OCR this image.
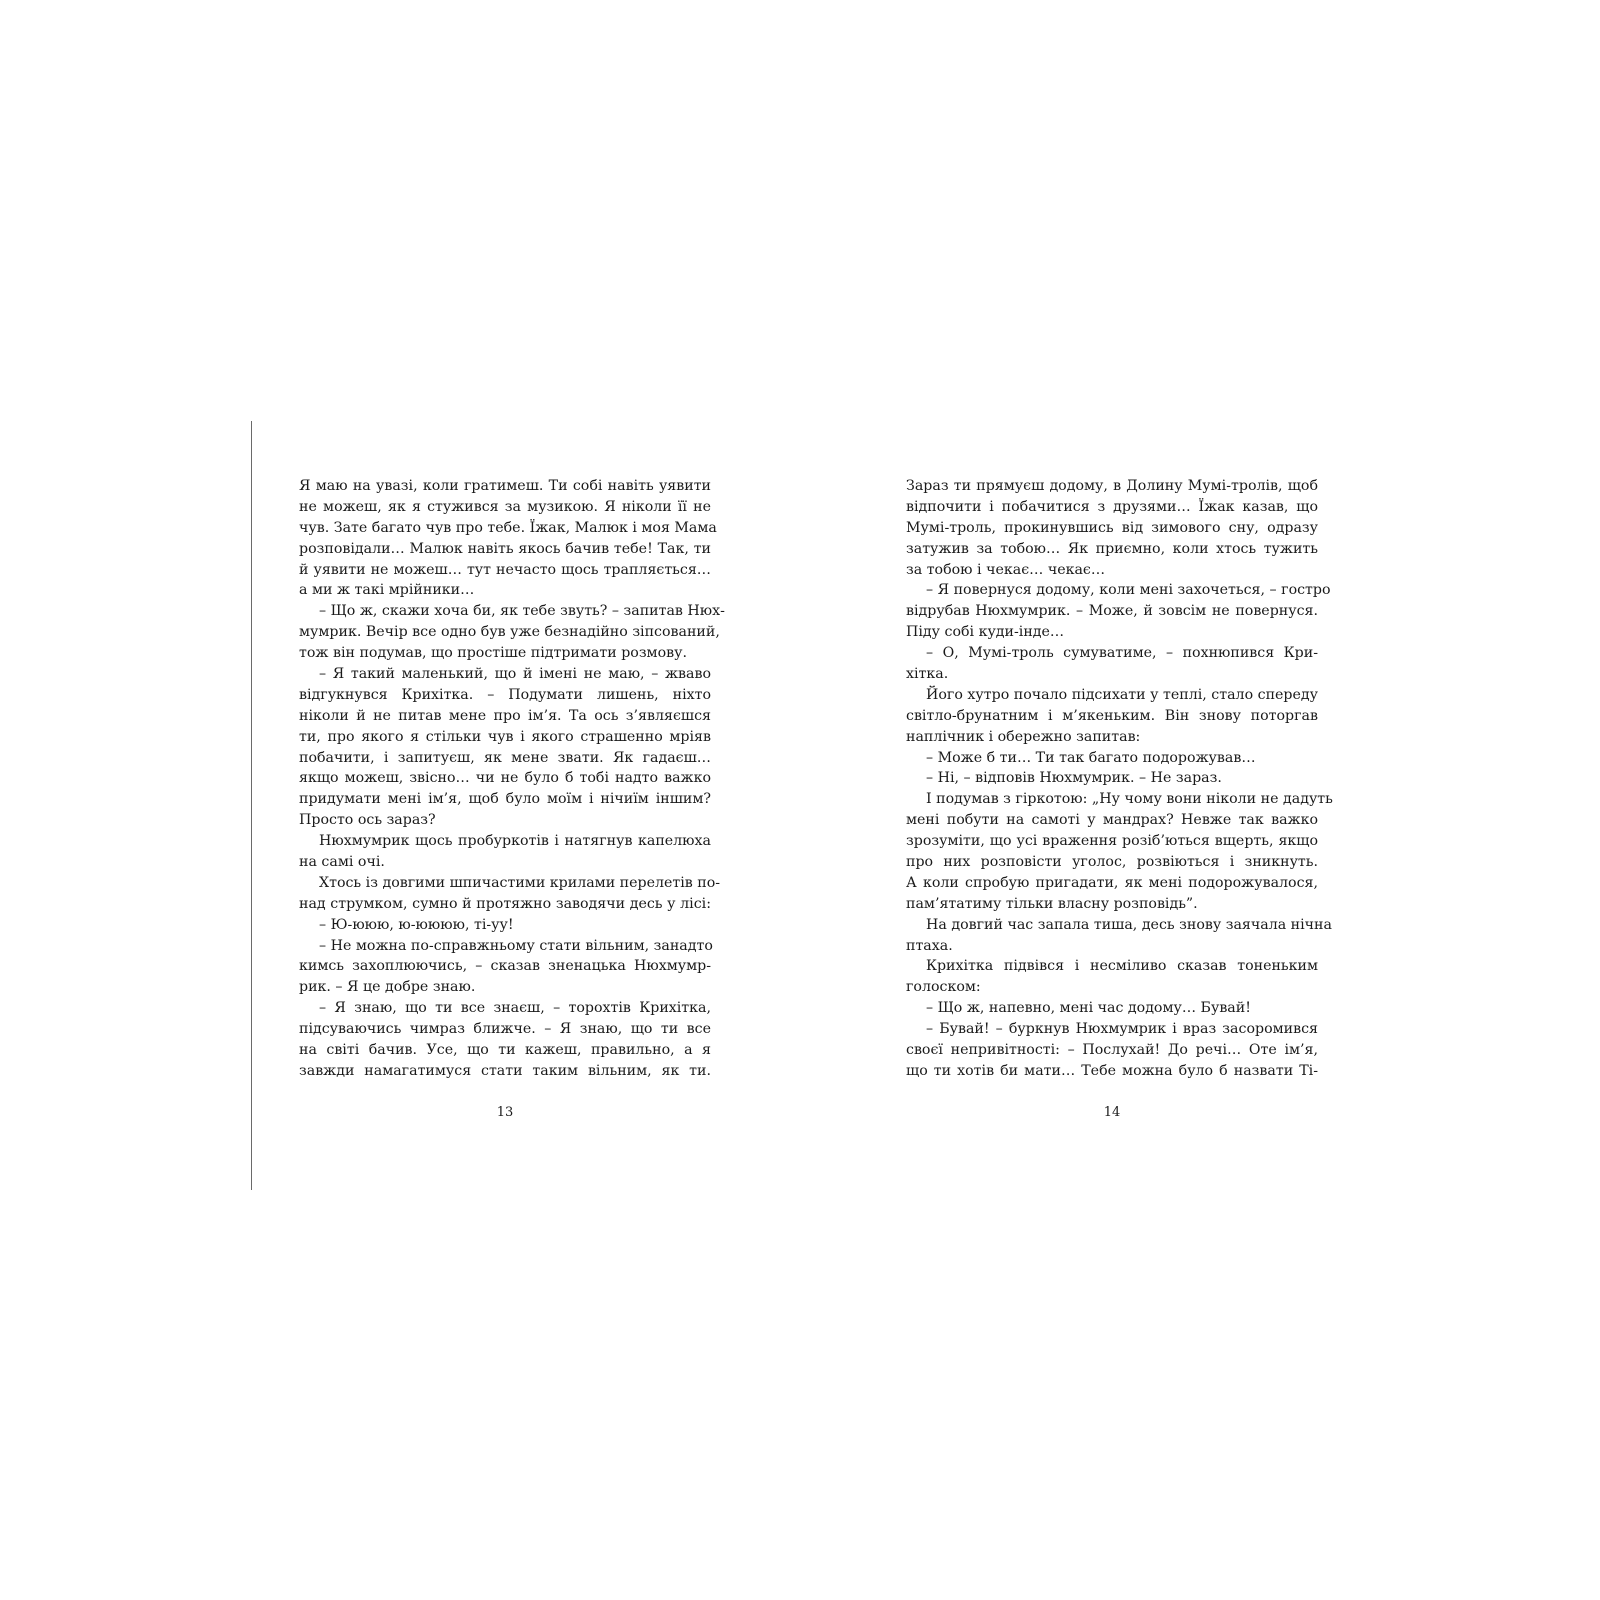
Я маю на увазі, коли гратимеш. Ти собі навіть уявити
не можеш, як я стужився за музикою. Я ніколи її не
чув. Зате багато чув про тебе. Їжак, Малюк і моя Мама
розповідали… Малюк навіть якось бачив тебе! Так, ти
й уявити не можеш… тут нечасто щось трапляється…
а ми ж такі мрійники…
– Що ж, скажи хоча би, як тебе звуть? – запитав Нюх-
мумрик. Вечір все одно був уже безнадійно зіпсований,
тож він подумав, що простіше підтримати розмову.
– Я такий маленький, що й імені не маю, – жваво
відгукнувся Крихітка. – Подумати лишень, ніхто
ніколи й не питав мене про ім’я. Та ось з’являєшся
ти, про якого я стільки чув і якого страшенно мріяв
побачити, і запитуєш, як мене звати. Як гадаєш…
якщо можеш, звісно… чи не було б тобі надто важко
придумати мені ім’я, щоб було моїм і нічиїм іншим?
Просто ось зараз?
Нюхмумрик щось пробуркотів і натягнув капелюха
на самі очі.
Хтось із довгими шпичастими крилами перелетів по-
над струмком, сумно й протяжно заводячи десь у лісі:
– Ю-ююю, ю-юююю, ті-уу!
– Не можна по-справжньому стати вільним, занадто
кимсь захоплюючись, – сказав зненацька Нюхмумр-
рик. – Я це добре знаю.
– Я знаю, що ти все знаєш, – торохтів Крихітка,
підсуваючись чимраз ближче. – Я знаю, що ти все
на світі бачив. Усе, що ти кажеш, правильно, а я
завжди намагатимуся стати таким вільним, як ти.
13
Зараз ти прямуєш додому, в Долину Мумі-тролів, щоб
відпочити і побачитися з друзями… Їжак казав, що
Мумі-троль, прокинувшись від зимового сну, одразу
затужив за тобою… Як приємно, коли хтось тужить
за тобою і чекає… чекає…
– Я повернуся додому, коли мені захочеться, – гостро
відрубав Нюхмумрик. – Може, й зовсім не повернуся.
Піду собі куди-інде…
– О, Мумі-троль сумуватиме, – похнюпився Кри-
хітка.
Його хутро почало підсихати у теплі, стало спереду
світло-брунатним і м’якеньким. Він знову поторгав
наплічник і обережно запитав:
– Може б ти… Ти так багато подорожував…
– Ні, – відповів Нюхмумрик. – Не зараз.
І подумав з гіркотою: „Ну чому вони ніколи не дадуть
мені побути на самоті у мандрах? Невже так важко
зрозуміти, що усі враження розіб’ються вщерть, якщо
про них розповісти уголос, розвіються і зникнуть.
А коли спробую пригадати, як мені подорожувалося,
пам’ятатиму тільки власну розповідь”.
На довгий час запала тиша, десь знову заячала нічна
птаха.
Крихітка підвівся і несміливо сказав тоненьким
голоском:
– Що ж, напевно, мені час додому… Бувай!
– Бувай! – буркнув Нюхмумрик і враз засоромився
своєї непривітності: – Послухай! До речі… Оте ім’я,
що ти хотів би мати… Тебе можна було б назвати Ті-
14
